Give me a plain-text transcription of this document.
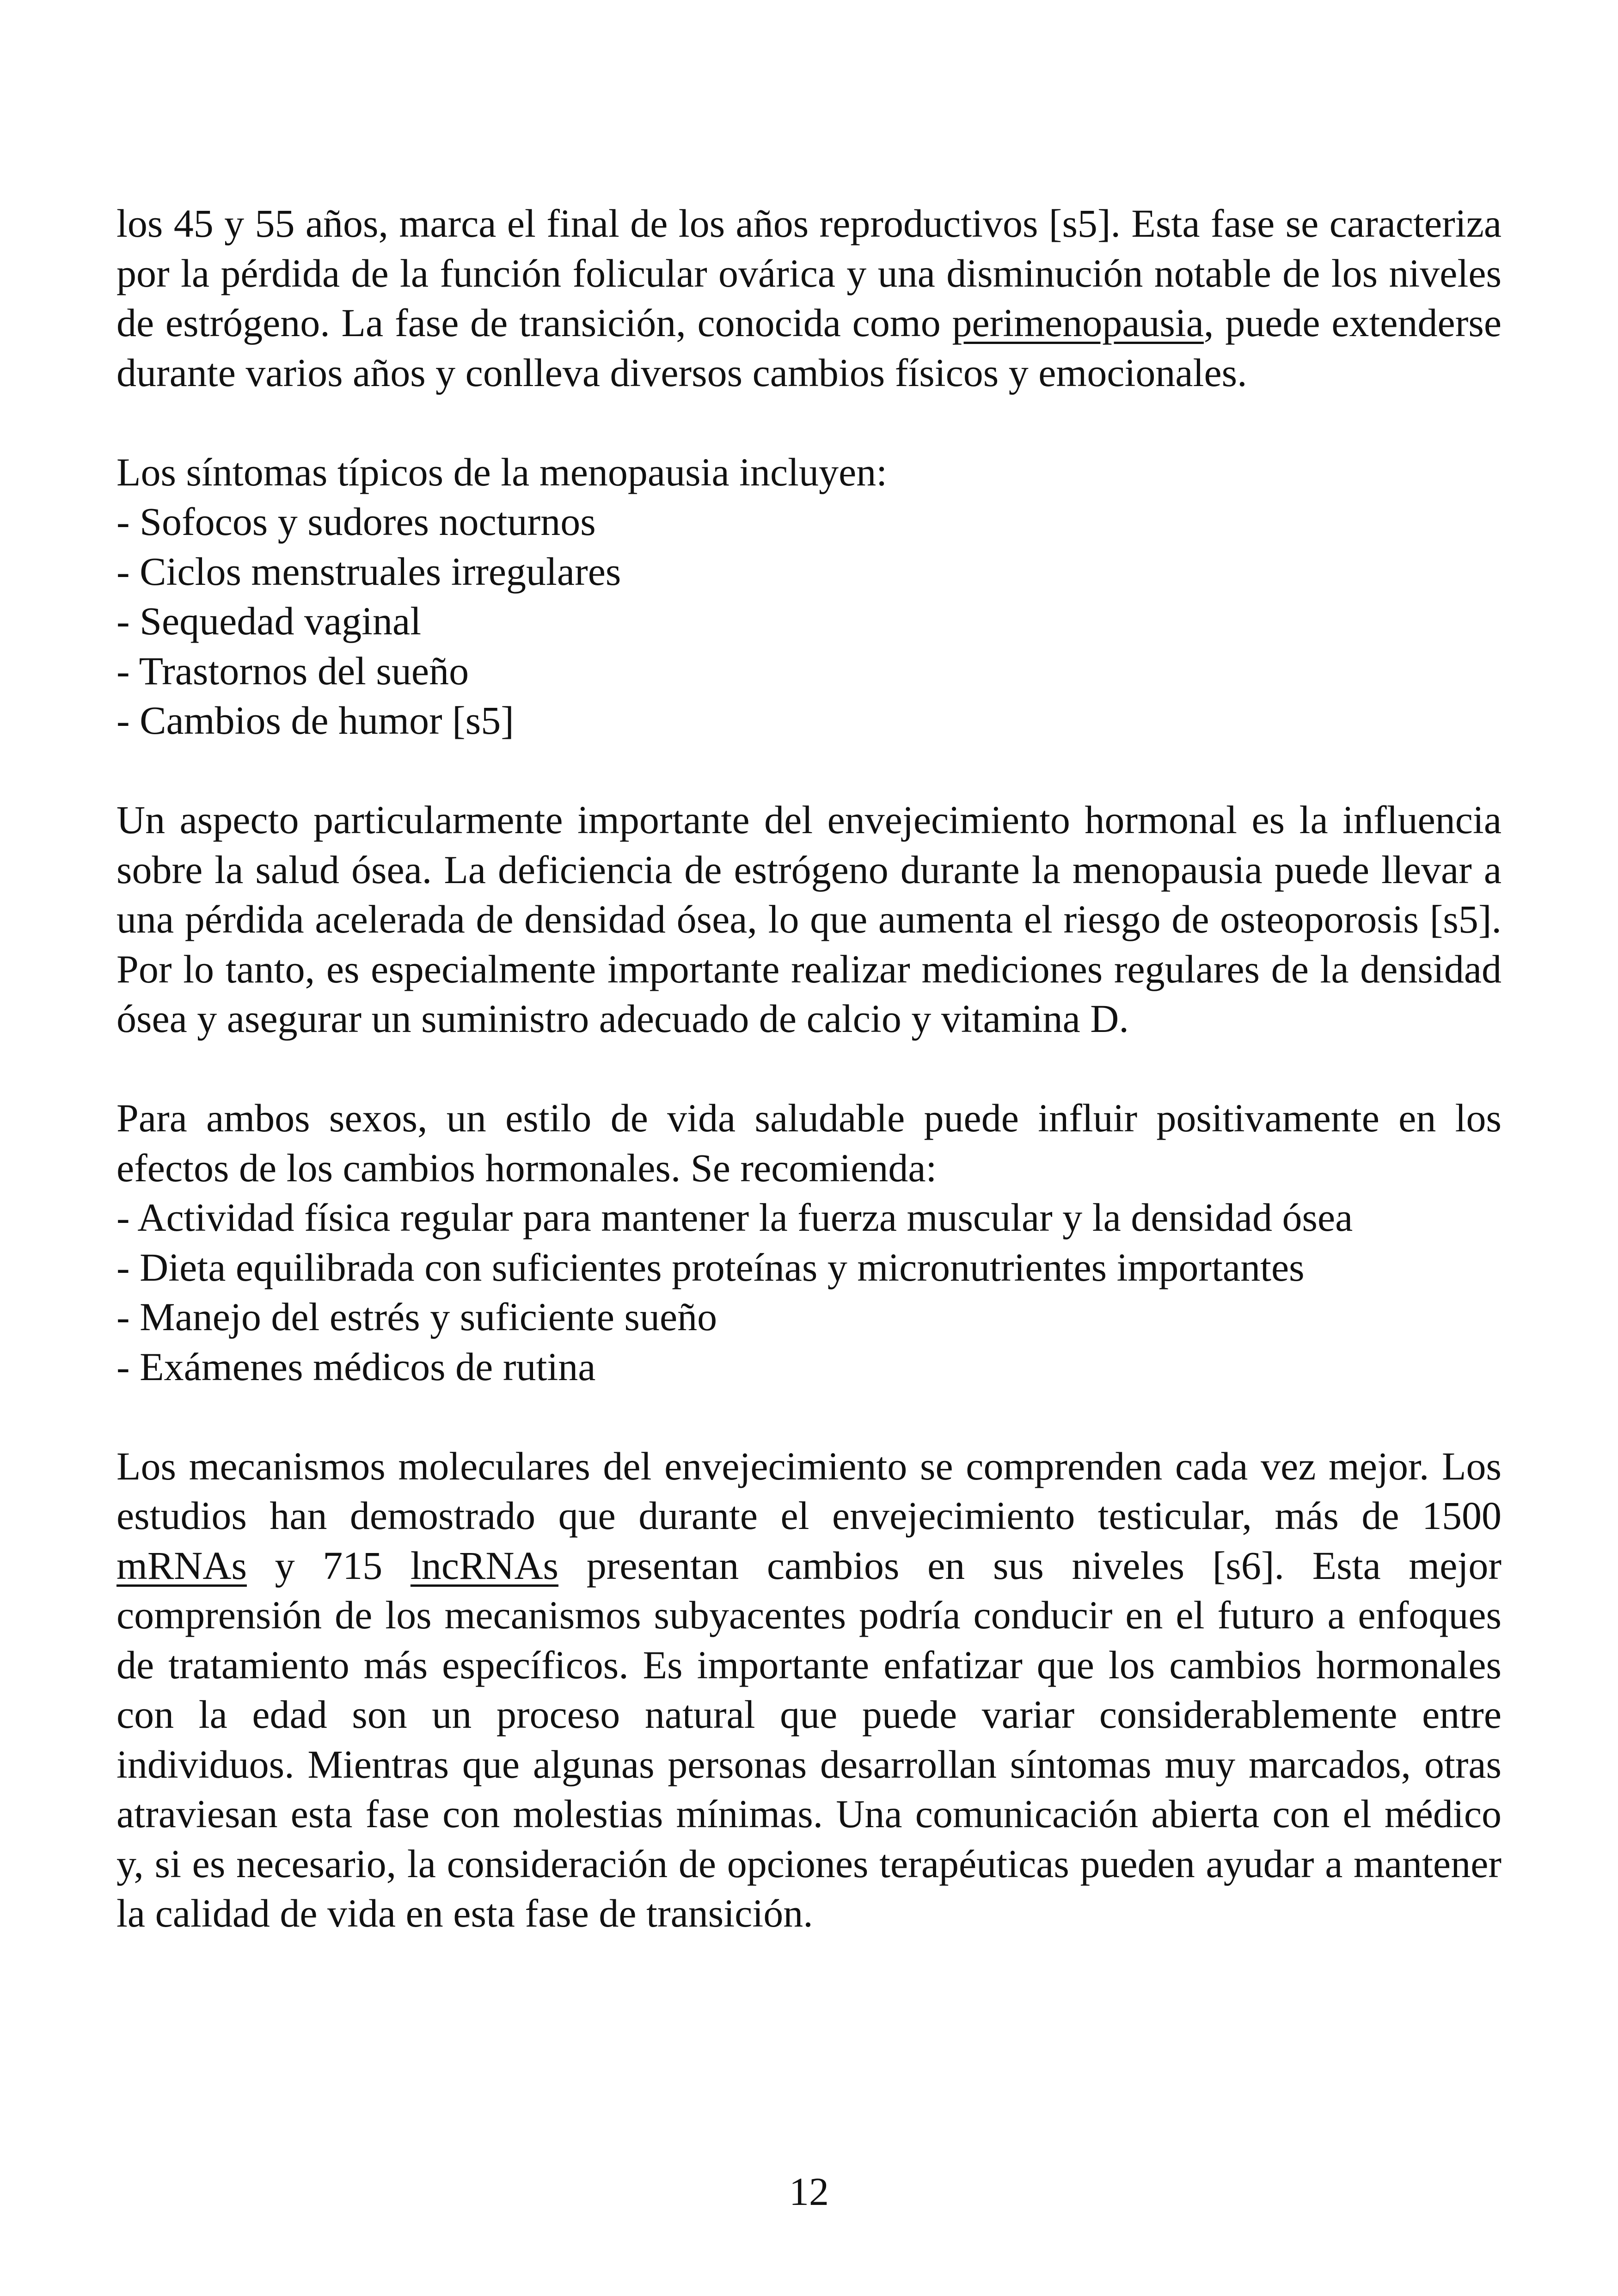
los 45 y 55 años, marca el final de los años reproductivos [s5]. Esta fase se caracteriza por la pérdida de la función folicular ovárica y una disminución notable de los niveles de estrógeno. La fase de transición, conocida como perimenopausia, puede extenderse durante varios años y conlleva diversos cambios físicos y emocionales.

Los síntomas típicos de la menopausia incluyen:
- Sofocos y sudores nocturnos
- Ciclos menstruales irregulares
- Sequedad vaginal
- Trastornos del sueño
- Cambios de humor [s5]

Un aspecto particularmente importante del envejecimiento hormonal es la influencia sobre la salud ósea. La deficiencia de estrógeno durante la menopausia puede llevar a una pérdida acelerada de densidad ósea, lo que aumenta el riesgo de osteoporosis [s5]. Por lo tanto, es especialmente importante realizar mediciones regulares de la densidad ósea y asegurar un suministro adecuado de calcio y vitamina D.

Para ambos sexos, un estilo de vida saludable puede influir positivamente en los efectos de los cambios hormonales. Se recomienda:

- Actividad física regular para mantener la fuerza muscular y la densidad ósea

- Dieta equilibrada con suficientes proteínas y micronutrientes importantes
- Manejo del estrés y suficiente sueño
- Exámenes médicos de rutina

Los mecanismos moleculares del envejecimiento se comprenden cada vez mejor. Los estudios han demostrado que durante el envejecimiento testicular, más de 1500 mRNAs y 715 lncRNAs presentan cambios en sus niveles [s6]. Esta mejor comprensión de los mecanismos subyacentes podría conducir en el futuro a enfoques de tratamiento más específicos. Es importante enfatizar que los cambios hormonales con la edad son un proceso natural que puede variar considerablemente entre individuos. Mientras que algunas personas desarrollan síntomas muy marcados, otras atraviesan esta fase con molestias mínimas. Una comunicación abierta con el médico y, si es necesario, la consideración de opciones terapéuticas pueden ayudar a mantener la calidad de vida en esta fase de transición.

12
